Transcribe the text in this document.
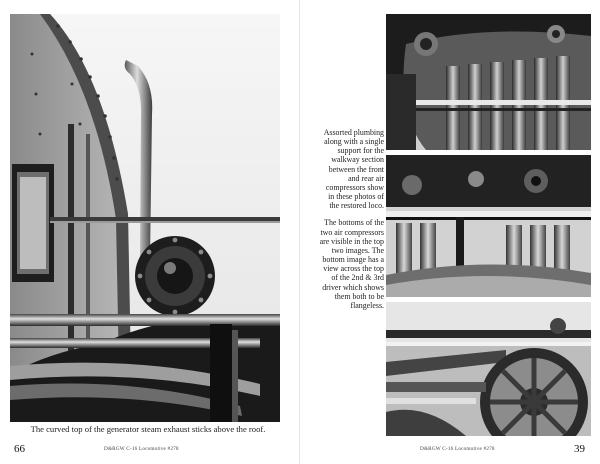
The curved top of the generator steam exhaust sticks above the roof.
66	D&RGW C-16 Locomotive #278

Assorted plumbing along with a single support for the walkway section between the front and rear air compressors show in these photos of the restored loco.

The bottoms of the two air compressors are visible in the top two images. The bottom image has a view across the top of the 2nd & 3rd driver which shows them both to be flangeless.

D&RGW C-16 Locomotive #278	39
